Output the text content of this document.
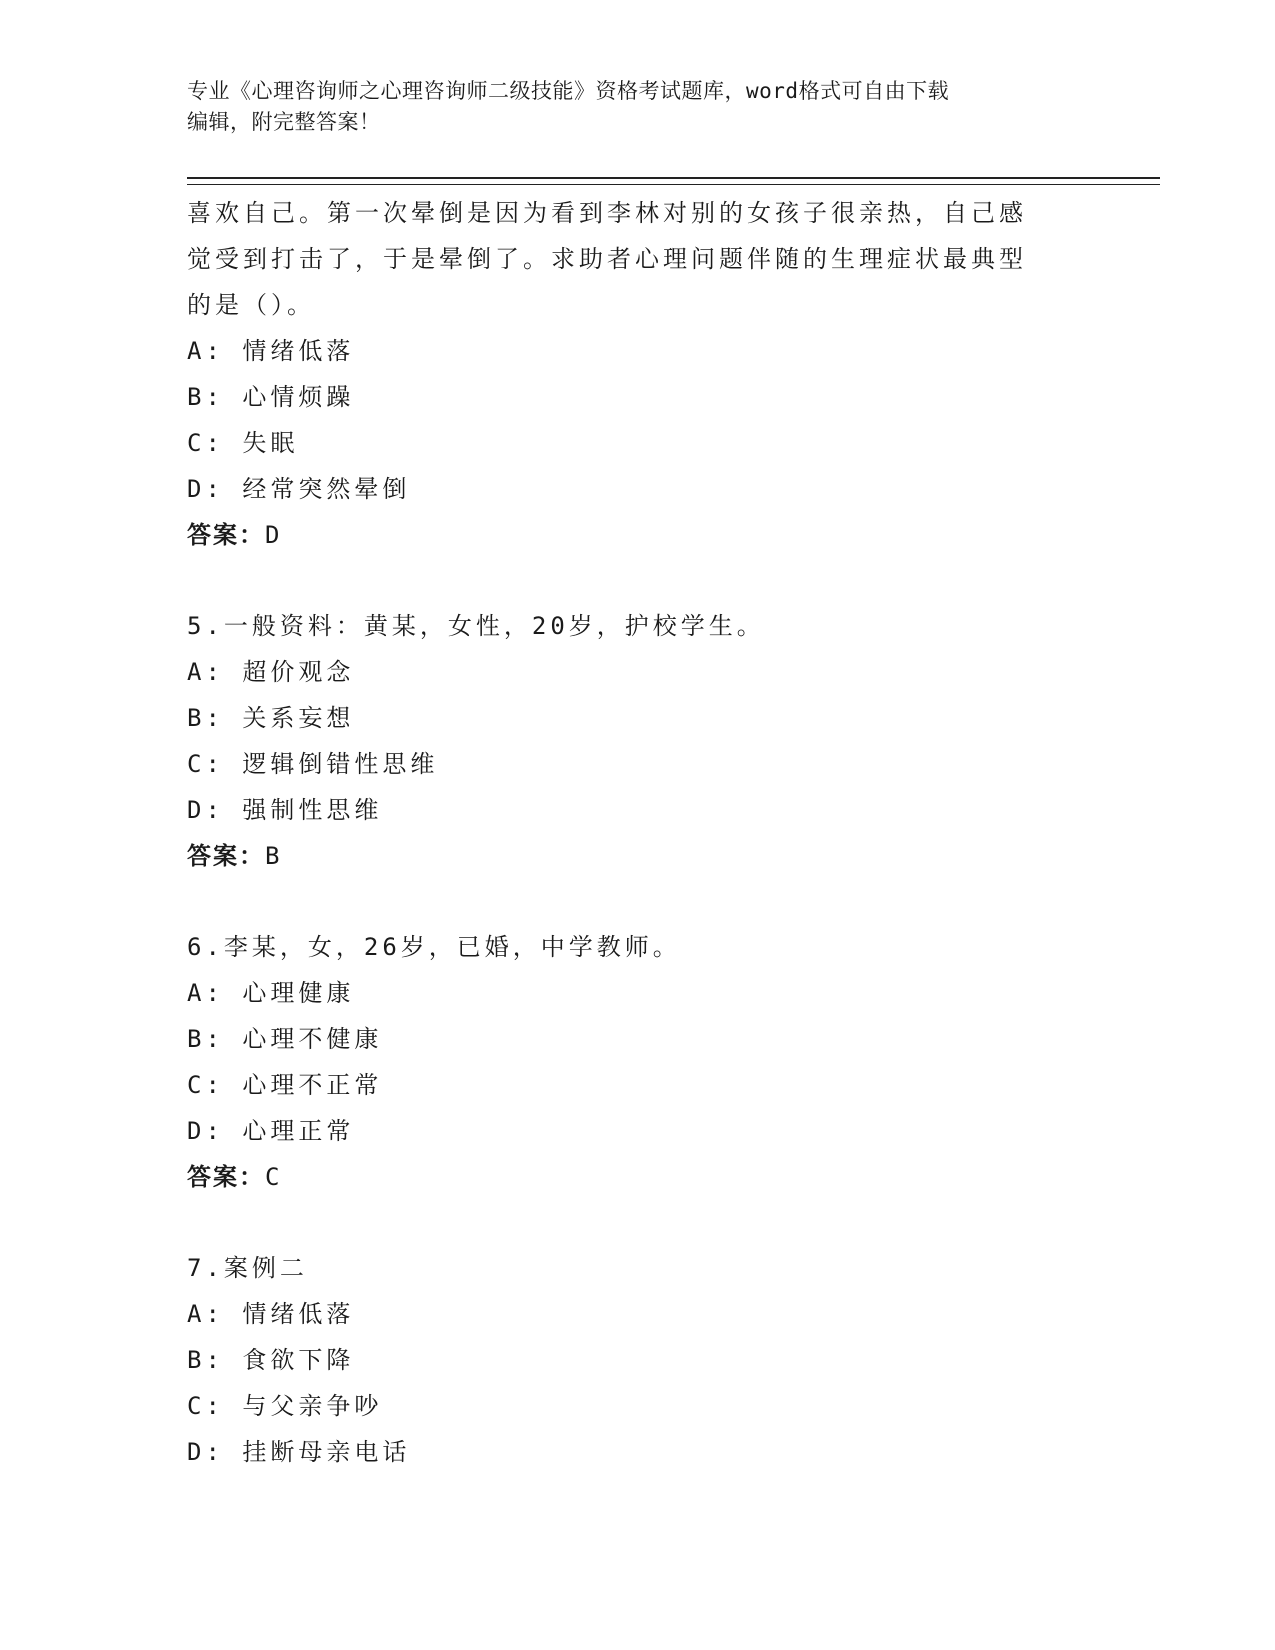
专业《心理咨询师之心理咨询师二级技能》资格考试题库，word格式可自由下载
编辑，附完整答案！
喜欢自己。第一次晕倒是因为看到李林对别的女孩子很亲热，自己感
觉受到打击了，于是晕倒了。求助者心理问题伴随的生理症状最典型
的是（）。
A: 情绪低落
B: 心情烦躁
C: 失眠
D: 经常突然晕倒
答案：D
5.一般资料：黄某，女性，20岁，护校学生。
A: 超价观念
B: 关系妄想
C: 逻辑倒错性思维
D: 强制性思维
答案：B
6.李某，女，26岁，已婚，中学教师。
A: 心理健康
B: 心理不健康
C: 心理不正常
D: 心理正常
答案：C
7.案例二
A: 情绪低落
B: 食欲下降
C: 与父亲争吵
D: 挂断母亲电话
